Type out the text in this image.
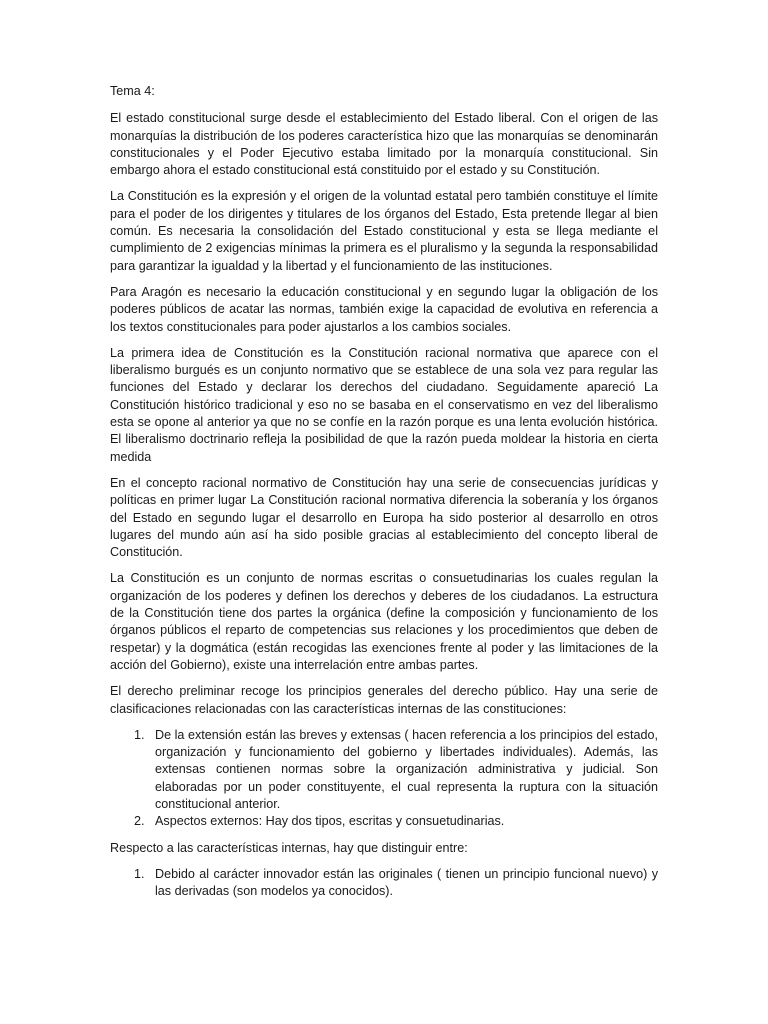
Tema 4:

El estado constitucional surge desde el establecimiento del Estado liberal. Con el origen de las monarquías la distribución de los poderes característica hizo que las monarquías se denominarán constitucionales y el Poder Ejecutivo estaba limitado por la monarquía constitucional. Sin embargo ahora el estado constitucional está constituido por el estado y su Constitución.

La Constitución es la expresión y el origen de la voluntad estatal pero también constituye el límite para el poder de los dirigentes y titulares de los órganos del Estado, Esta pretende llegar al bien común. Es necesaria la consolidación del Estado constitucional y esta se llega mediante el cumplimiento de 2 exigencias mínimas la primera es el pluralismo y la segunda la responsabilidad para garantizar la igualdad y la libertad y el funcionamiento de las instituciones.

Para Aragón es necesario la educación constitucional y en segundo lugar la obligación de los poderes públicos de acatar las normas, también exige la capacidad de evolutiva en referencia a los textos constitucionales para poder ajustarlos a los cambios sociales.

La primera idea de Constitución es la Constitución racional normativa que aparece con el liberalismo burgués es un conjunto normativo que se establece de una sola vez para regular las funciones del Estado y declarar los derechos del ciudadano. Seguidamente apareció La Constitución histórico tradicional y eso no se basaba en el conservatismo en vez del liberalismo esta se opone al anterior ya que no se confíe en la razón porque es una lenta evolución histórica. El liberalismo doctrinario refleja la posibilidad de que la razón pueda moldear la historia en cierta medida

En el concepto racional normativo de Constitución hay una serie de consecuencias jurídicas y políticas en primer lugar La Constitución racional normativa diferencia la soberanía y los órganos del Estado en segundo lugar el desarrollo en Europa ha sido posterior al desarrollo en otros lugares del mundo aún así ha sido posible gracias al establecimiento del concepto liberal de Constitución.

La Constitución es un conjunto de normas escritas o consuetudinarias los cuales regulan la organización de los poderes y definen los derechos y deberes de los ciudadanos. La estructura de la Constitución tiene dos partes la orgánica (define la composición y funcionamiento de los órganos públicos el reparto de competencias sus relaciones y los procedimientos que deben de respetar) y la dogmática (están recogidas las exenciones frente al poder y las limitaciones de la acción del Gobierno), existe una interrelación entre ambas partes.

El derecho preliminar recoge los principios generales del derecho público. Hay una serie de clasificaciones relacionadas con las características internas de las constituciones:

1. De la extensión están las breves y extensas ( hacen referencia a los principios del estado, organización y funcionamiento del gobierno y libertades individuales). Además, las extensas contienen normas sobre la organización administrativa y judicial. Son elaboradas por un poder constituyente, el cual representa la ruptura con la situación constitucional anterior.
2. Aspectos externos: Hay dos tipos, escritas y consuetudinarias.

Respecto a las características internas, hay que distinguir entre:

1. Debido al carácter innovador están las originales ( tienen un principio funcional nuevo) y las derivadas (son modelos ya conocidos).
